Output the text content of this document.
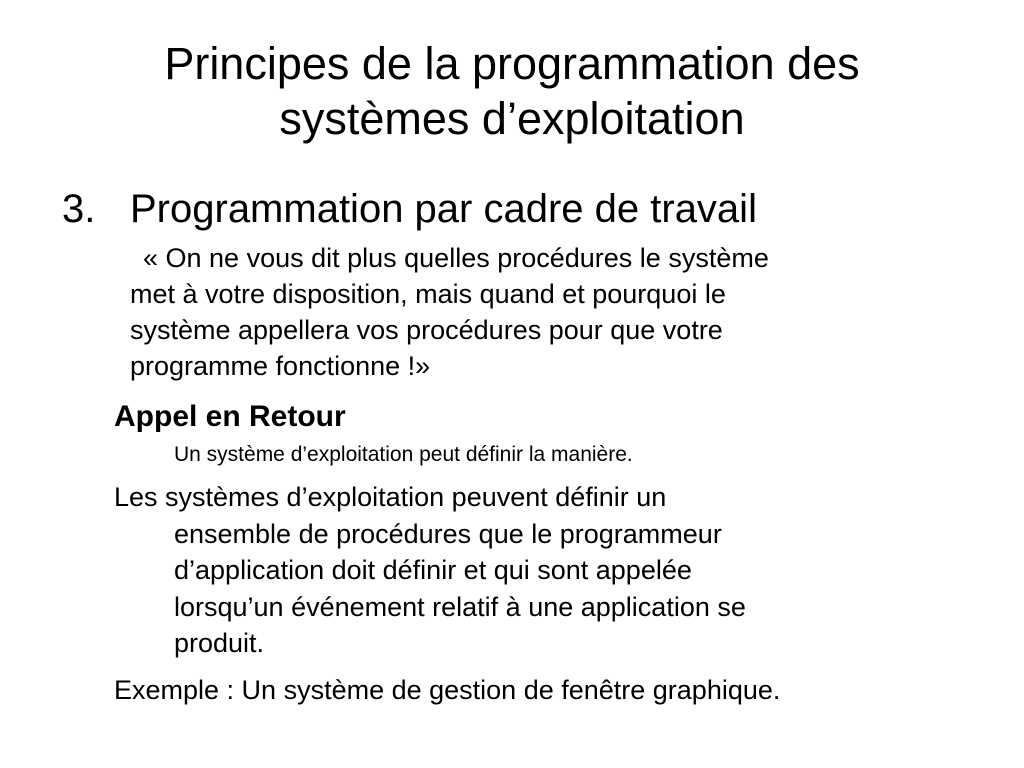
Principes de la programmation des
systèmes d’exploitation
3. Programmation par cadre de travail
« On ne vous dit plus quelles procédures le système
met à votre disposition, mais quand et pourquoi le
système appellera vos procédures pour que votre
programme fonctionne !»
Appel en Retour
Un système d’exploitation peut définir la manière.
Les systèmes d’exploitation peuvent définir un
ensemble de procédures que le programmeur
d’application doit définir et qui sont appelée
lorsqu’un événement relatif à une application se
produit.
Exemple : Un système de gestion de fenêtre graphique.
